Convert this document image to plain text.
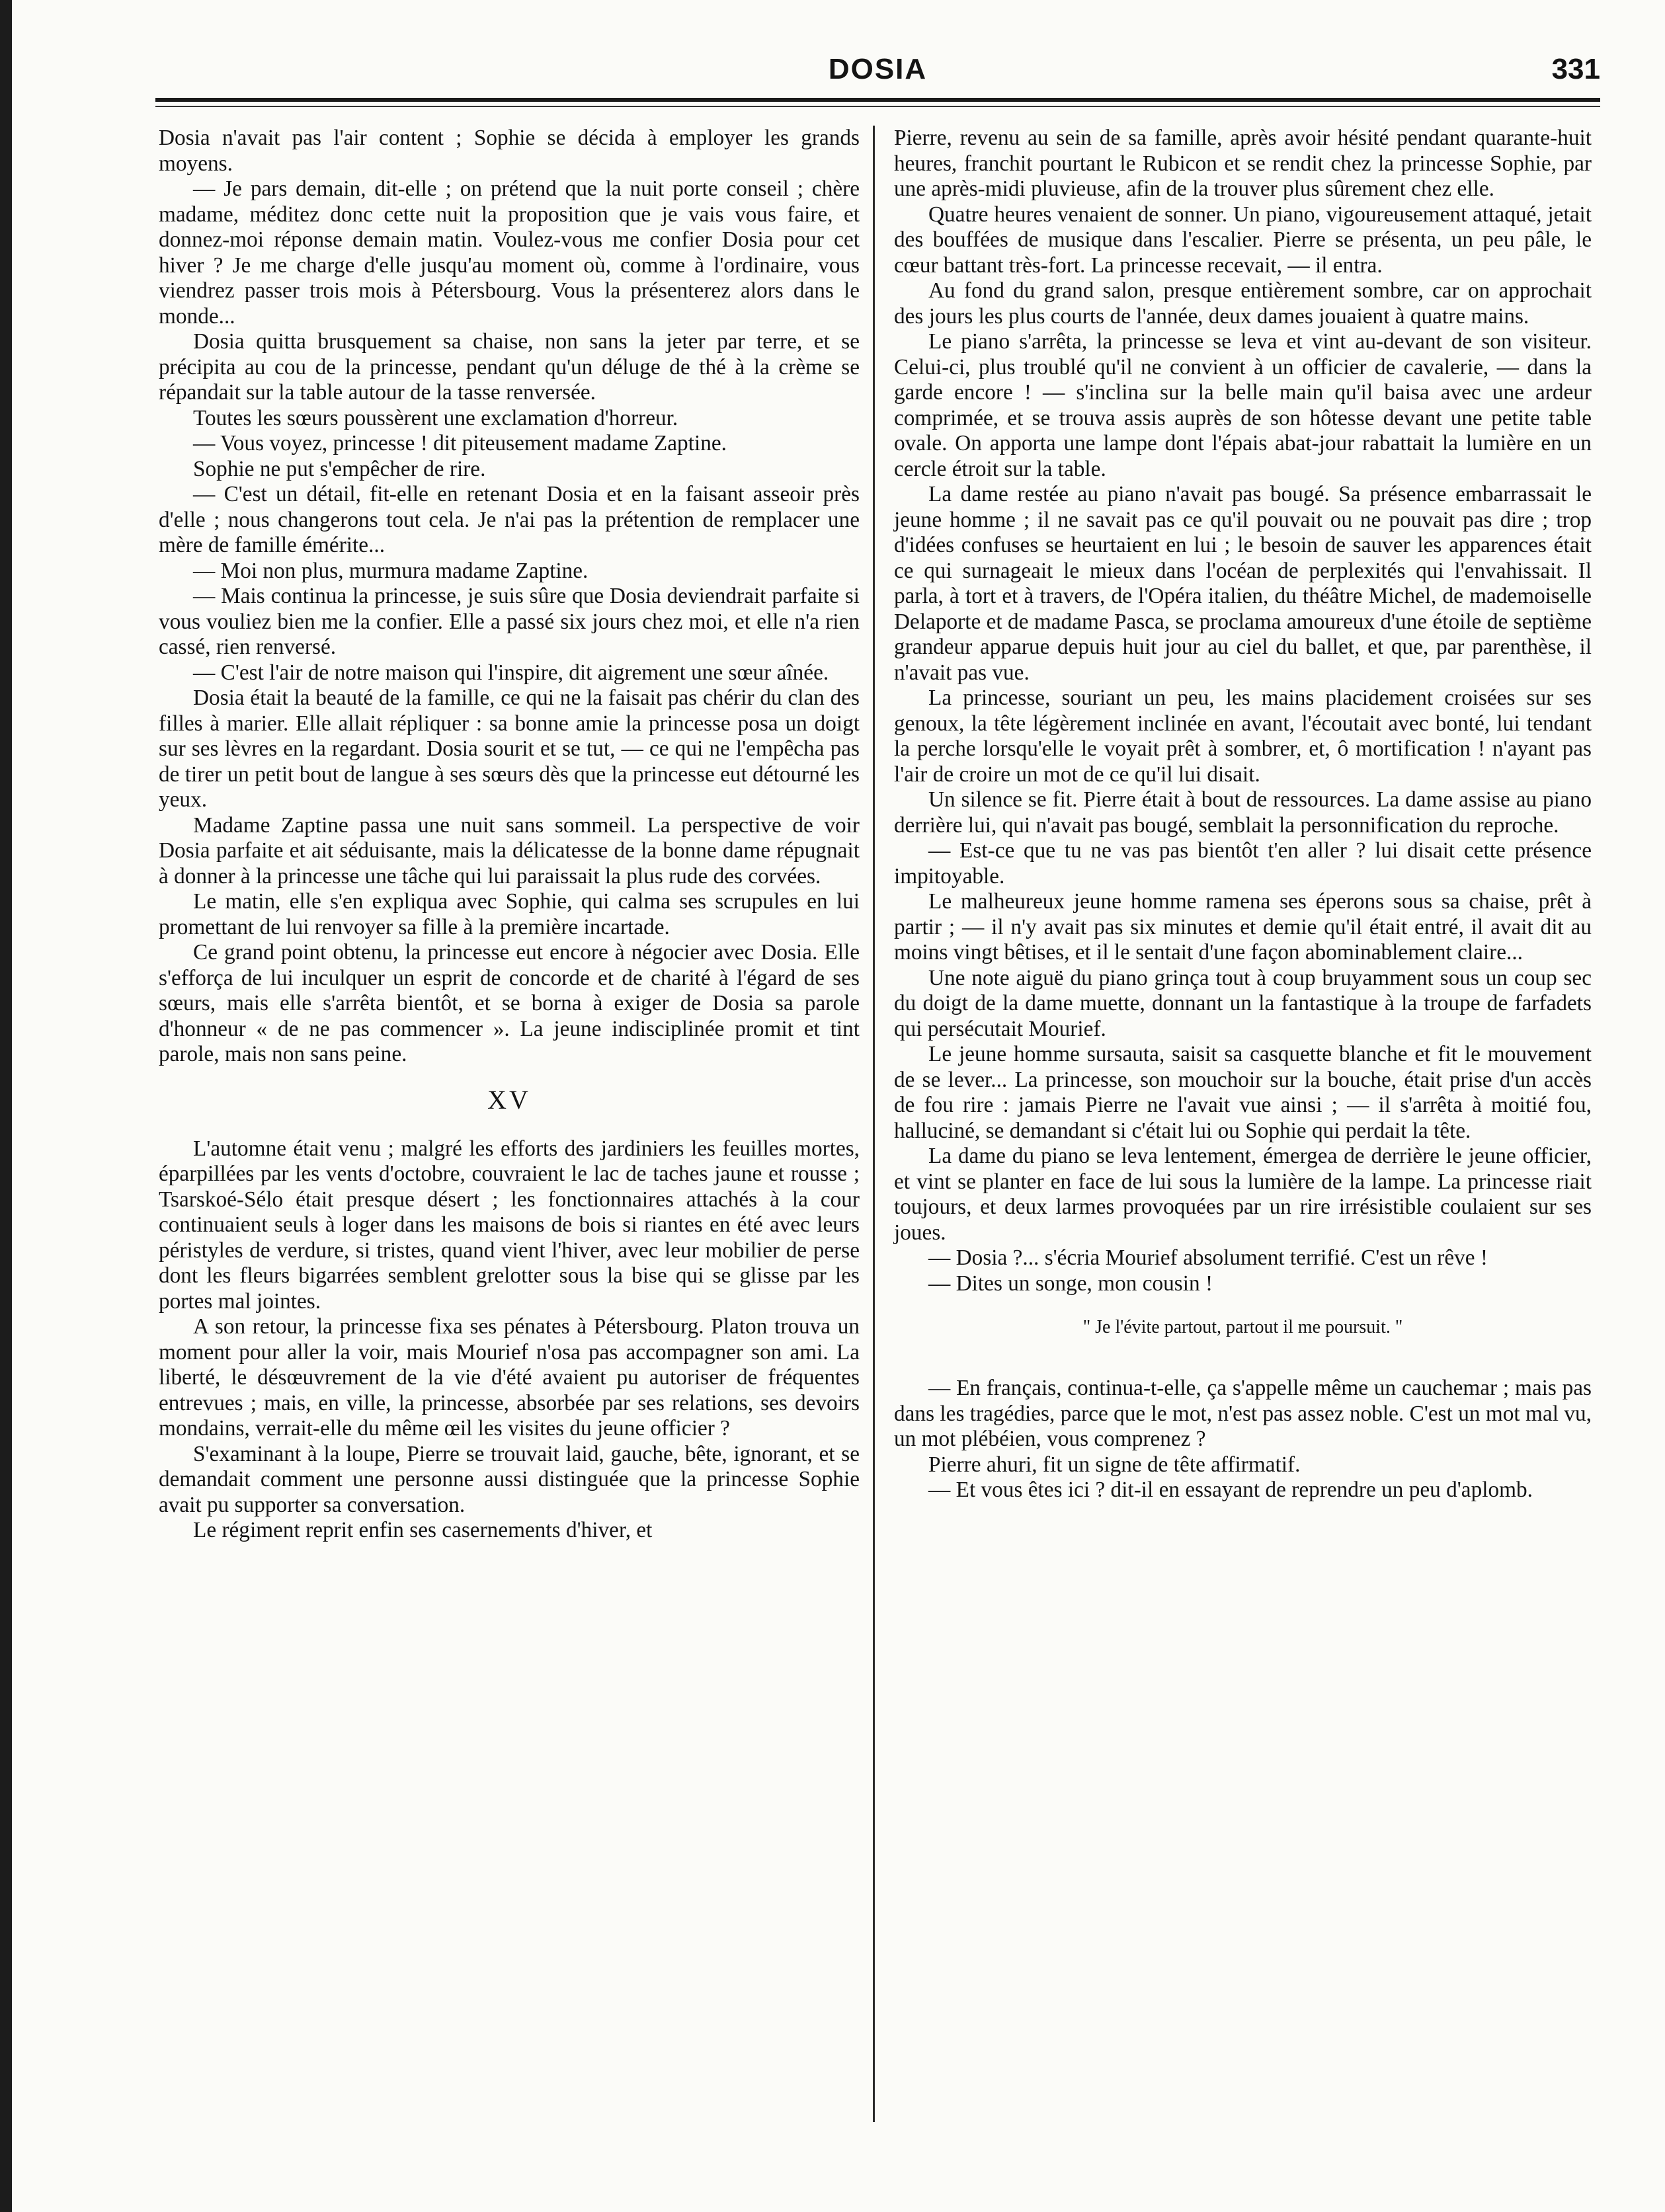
DOSIA	331

Dosia n'avait pas l'air content ; Sophie se décida à employer les grands moyens.

— Je pars demain, dit-elle ; on prétend que la nuit porte conseil ; chère madame, méditez donc cette nuit la proposition que je vais vous faire, et donnez-moi réponse demain matin. Voulez-vous me confier Dosia pour cet hiver ? Je me charge d'elle jusqu'au moment où, comme à l'ordinaire, vous viendrez passer trois mois à Pétersbourg. Vous la présenterez alors dans le monde...

Dosia quitta brusquement sa chaise, non sans la jeter par terre, et se précipita au cou de la princesse, pendant qu'un déluge de thé à la crème se répandait sur la table autour de la tasse renversée.

Toutes les sœurs poussèrent une exclamation d'horreur.

— Vous voyez, princesse ! dit piteusement madame Zaptine.

Sophie ne put s'empêcher de rire.

— C'est un détail, fit-elle en retenant Dosia et en la faisant asseoir près d'elle ; nous changerons tout cela. Je n'ai pas la prétention de remplacer une mère de famille émérite...

— Moi non plus, murmura madame Zaptine.

— Mais continua la princesse, je suis sûre que Dosia deviendrait parfaite si vous vouliez bien me la confier. Elle a passé six jours chez moi, et elle n'a rien cassé, rien renversé.

— C'est l'air de notre maison qui l'inspire, dit aigrement une sœur aînée.

Dosia était la beauté de la famille, ce qui ne la faisait pas chérir du clan des filles à marier. Elle allait répliquer : sa bonne amie la princesse posa un doigt sur ses lèvres en la regardant. Dosia sourit et se tut, — ce qui ne l'empêcha pas de tirer un petit bout de langue à ses sœurs dès que la princesse eut détourné les yeux.

Madame Zaptine passa une nuit sans sommeil. La perspective de voir Dosia parfaite et ait séduisante, mais la délicatesse de la bonne dame répugnait à donner à la princesse une tâche qui lui paraissait la plus rude des corvées.

Le matin, elle s'en expliqua avec Sophie, qui calma ses scrupules en lui promettant de lui renvoyer sa fille à la première incartade.

Ce grand point obtenu, la princesse eut encore à négocier avec Dosia. Elle s'efforça de lui inculquer un esprit de concorde et de charité à l'égard de ses sœurs, mais elle s'arrêta bientôt, et se borna à exiger de Dosia sa parole d'honneur « de ne pas commencer ». La jeune indisciplinée promit et tint parole, mais non sans peine.

XV

L'automne était venu ; malgré les efforts des jardiniers les feuilles mortes, éparpillées par les vents d'octobre, couvraient le lac de taches jaune et rousse ; Tsarskoé-Sélo était presque désert ; les fonctionnaires attachés à la cour continuaient seuls à loger dans les maisons de bois si riantes en été avec leurs péristyles de verdure, si tristes, quand vient l'hiver, avec leur mobilier de perse dont les fleurs bigarrées semblent grelotter sous la bise qui se glisse par les portes mal jointes.

A son retour, la princesse fixa ses pénates à Pétersbourg. Platon trouva un moment pour aller la voir, mais Mourief n'osa pas accompagner son ami. La liberté, le désœuvrement de la vie d'été avaient pu autoriser de fréquentes entrevues ; mais, en ville, la princesse, absorbée par ses relations, ses devoirs mondains, verrait-elle du même œil les visites du jeune officier ?

S'examinant à la loupe, Pierre se trouvait laid, gauche, bête, ignorant, et se demandait comment une personne aussi distinguée que la princesse Sophie avait pu supporter sa conversation.

Le régiment reprit enfin ses casernements d'hiver, et

Pierre, revenu au sein de sa famille, après avoir hésité pendant quarante-huit heures, franchit pourtant le Rubicon et se rendit chez la princesse Sophie, par une après-midi pluvieuse, afin de la trouver plus sûrement chez elle.

Quatre heures venaient de sonner. Un piano, vigoureusement attaqué, jetait des bouffées de musique dans l'escalier. Pierre se présenta, un peu pâle, le cœur battant très-fort. La princesse recevait, — il entra.

Au fond du grand salon, presque entièrement sombre, car on approchait des jours les plus courts de l'année, deux dames jouaient à quatre mains.

Le piano s'arrêta, la princesse se leva et vint au-devant de son visiteur. Celui-ci, plus troublé qu'il ne convient à un officier de cavalerie, — dans la garde encore ! — s'inclina sur la belle main qu'il baisa avec une ardeur comprimée, et se trouva assis auprès de son hôtesse devant une petite table ovale. On apporta une lampe dont l'épais abat-jour rabattait la lumière en un cercle étroit sur la table.

La dame restée au piano n'avait pas bougé. Sa présence embarrassait le jeune homme ; il ne savait pas ce qu'il pouvait ou ne pouvait pas dire ; trop d'idées confuses se heurtaient en lui ; le besoin de sauver les apparences était ce qui surnageait le mieux dans l'océan de perplexités qui l'envahissait. Il parla, à tort et à travers, de l'Opéra italien, du théâtre Michel, de mademoiselle Delaporte et de madame Pasca, se proclama amoureux d'une étoile de septième grandeur apparue depuis huit jour au ciel du ballet, et que, par parenthèse, il n'avait pas vue.

La princesse, souriant un peu, les mains placidement croisées sur ses genoux, la tête légèrement inclinée en avant, l'écoutait avec bonté, lui tendant la perche lorsqu'elle le voyait prêt à sombrer, et, ô mortification ! n'ayant pas l'air de croire un mot de ce qu'il lui disait.

Un silence se fit. Pierre était à bout de ressources. La dame assise au piano derrière lui, qui n'avait pas bougé, semblait la personnification du reproche.

— Est-ce que tu ne vas pas bientôt t'en aller ? lui disait cette présence impitoyable.

Le malheureux jeune homme ramena ses éperons sous sa chaise, prêt à partir ; — il n'y avait pas six minutes et demie qu'il était entré, il avait dit au moins vingt bêtises, et il le sentait d'une façon abominablement claire...

Une note aiguë du piano grinça tout à coup bruyamment sous un coup sec du doigt de la dame muette, donnant un la fantastique à la troupe de farfadets qui persécutait Mourief.

Le jeune homme sursauta, saisit sa casquette blanche et fit le mouvement de se lever... La princesse, son mouchoir sur la bouche, était prise d'un accès de fou rire : jamais Pierre ne l'avait vue ainsi ; — il s'arrêta à moitié fou, halluciné, se demandant si c'était lui ou Sophie qui perdait la tête.

La dame du piano se leva lentement, émergea de derrière le jeune officier, et vint se planter en face de lui sous la lumière de la lampe. La princesse riait toujours, et deux larmes provoquées par un rire irrésistible coulaient sur ses joues.

— Dosia ?... s'écria Mourief absolument terrifié. C'est un rêve !

— Dites un songe, mon cousin !

" Je l'évite partout, partout il me poursuit. "

— En français, continua-t-elle, ça s'appelle même un cauchemar ; mais pas dans les tragédies, parce que le mot, n'est pas assez noble. C'est un mot mal vu, un mot plébéien, vous comprenez ?

Pierre ahuri, fit un signe de tête affirmatif.

— Et vous êtes ici ? dit-il en essayant de reprendre un peu d'aplomb.
